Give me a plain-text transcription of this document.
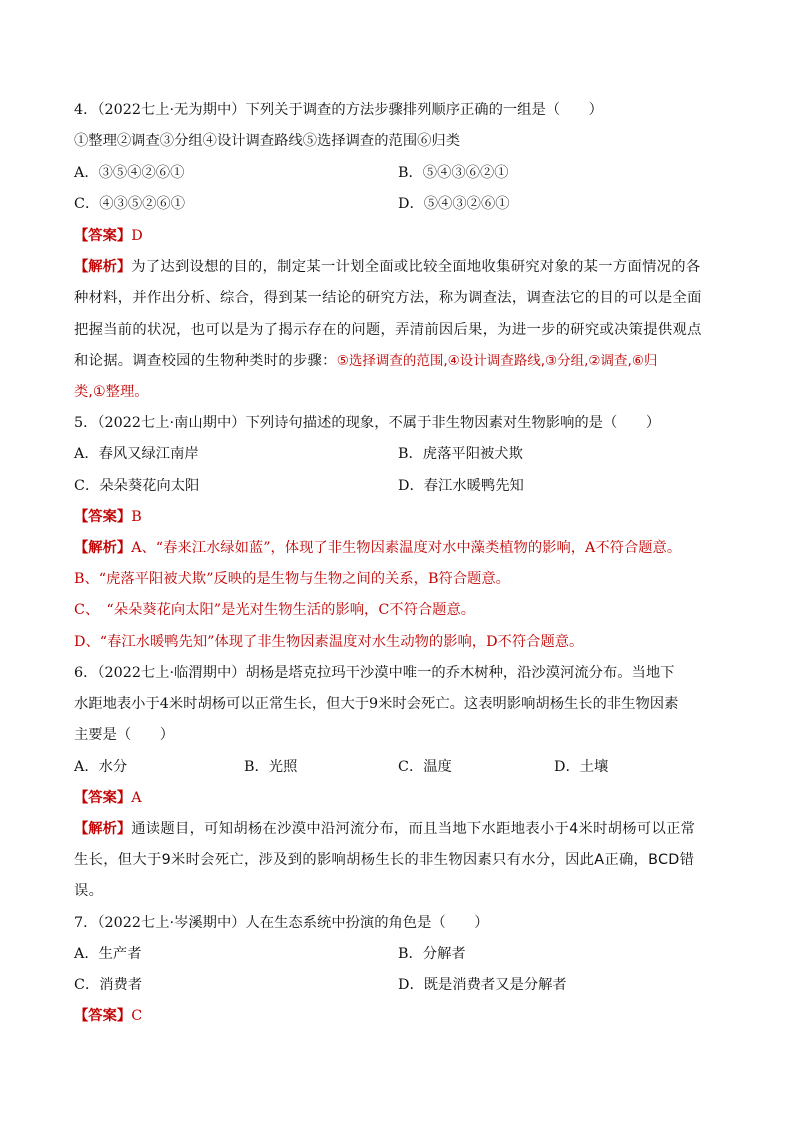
4．（2022七上·无为期中）下列关于调查的方法步骤排列顺序正确的一组是（　　）
①整理②调查③分组④设计调查路线⑤选择调查的范围⑥归类
A．③⑤④②⑥①	B．⑤④③⑥②①
C．④③⑤②⑥①	D．⑤④③②⑥①
【答案】D
【解析】为了达到设想的目的，制定某一计划全面或比较全面地收集研究对象的某一方面情况的各
种材料，并作出分析、综合，得到某一结论的研究方法，称为调查法，调查法它的目的可以是全面
把握当前的状况，也可以是为了揭示存在的问题，弄清前因后果，为进一步的研究或决策提供观点
和论据。调查校园的生物种类时的步骤：⑤选择调查的范围,④设计调查路线,③分组,②调查,⑥归
类,①整理。
5．（2022七上·南山期中）下列诗句描述的现象，不属于非生物因素对生物影响的是（　　）
A．春风又绿江南岸	B．虎落平阳被犬欺
C．朵朵葵花向太阳	D．春江水暖鸭先知
【答案】B
【解析】A、“春来江水绿如蓝”，体现了非生物因素温度对水中藻类植物的影响，A不符合题意。
B、“虎落平阳被犬欺”反映的是生物与生物之间的关系，B符合题意。
C、　“朵朵葵花向太阳”是光对生物生活的影响，C不符合题意。
D、“春江水暖鸭先知”体现了非生物因素温度对水生动物的影响，D不符合题意。
6．（2022七上·临渭期中）胡杨是塔克拉玛干沙漠中唯一的乔木树种，沿沙漠河流分布。当地下
水距地表小于4米时胡杨可以正常生长，但大于9米时会死亡。这表明影响胡杨生长的非生物因素
主要是（　　）
A．水分	B．光照	C．温度	D．土壤
【答案】A
【解析】通读题目，可知胡杨在沙漠中沿河流分布，而且当地下水距地表小于4米时胡杨可以正常
生长，但大于9米时会死亡，涉及到的影响胡杨生长的非生物因素只有水分，因此A正确，BCD错
误。
7．（2022七上·岑溪期中）人在生态系统中扮演的角色是（　　）
A．生产者	B．分解者
C．消费者	D．既是消费者又是分解者
【答案】C
